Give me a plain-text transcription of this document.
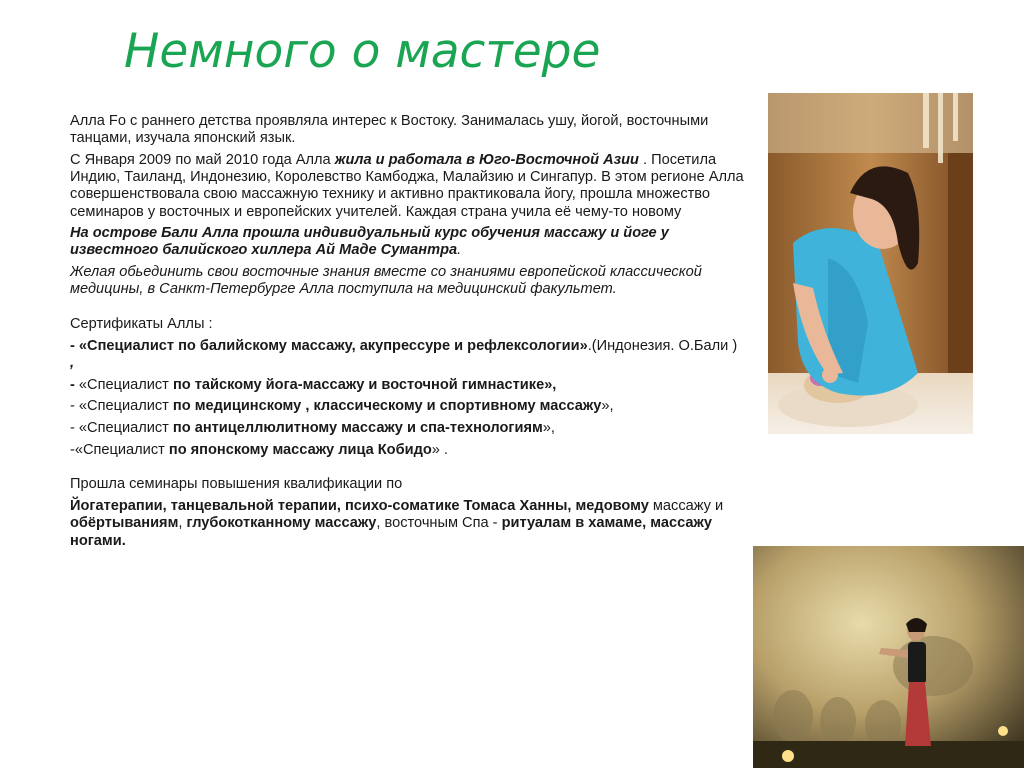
Немного о мастере

Алла Fo с раннего детства проявляла интерес к Востоку. Занималась ушу, йогой, восточными танцами, изучала японский язык.

С Января 2009 по май 2010 года Алла жила и работала в Юго-Восточной Азии . Посетила Индию, Таиланд, Индонезию, Королевство Камбоджа, Малайзию и Сингапур. В этом регионе Алла совершенствовала свою массажную технику и активно практиковала йогу, прошла множество семинаров у восточных и европейских учителей. Каждая страна учила её чему-то новому

На острове Бали Алла прошла индивидуальный курс обучения массажу и йоге у известного балийского хиллера Ай Маде Сумантра.

Желая обьединить свои восточные знания вместе со знаниями европейской классической медицины, в Санкт-Петербурге Алла поступила на медицинский факультет.

Сертификаты Аллы :

- «Специалист по балийскому массажу, акупрессуре и рефлексологии».(Индонезия. О.Бали ) ,

- «Специалист по тайскому йога-массажу и восточной гимнастике»,

- «Специалист по медицинскому , классическому и спортивному массажу»,

- «Специалист по антицеллюлитному массажу и спа-технологиям»,

-«Специалист по японскому массажу лица Кобидо» .

Прошла семинары повышения квалификации по

Йогатерапии, танцевальной терапии, психо-соматике Томаса Ханны, медовому массажу и обёртываниям, глубокотканному массажу, восточным Спа - ритуалам в хамаме, массажу ногами.
